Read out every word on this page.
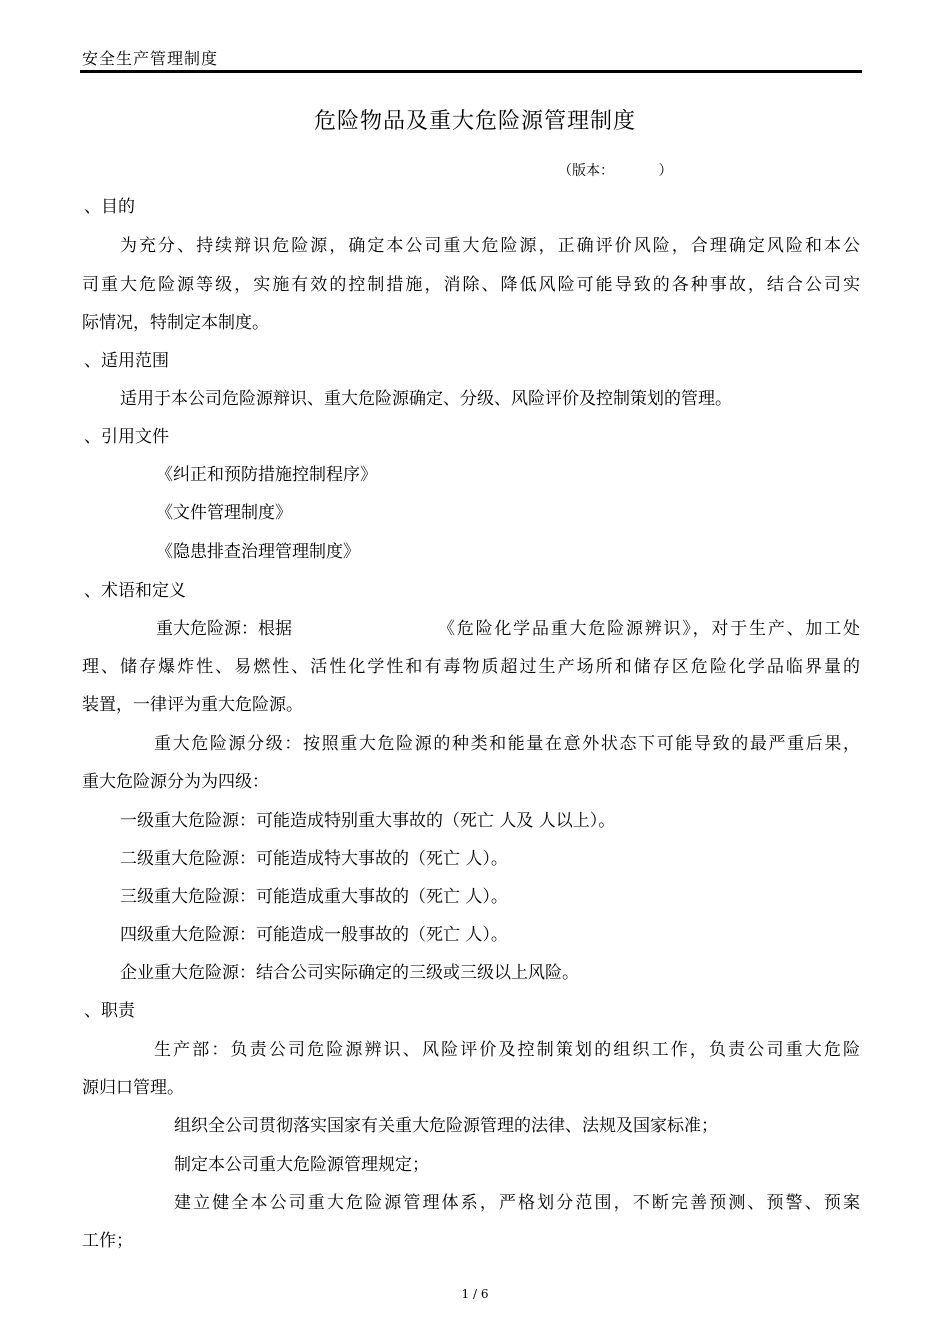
安全生产管理制度
危险物品及重大危险源管理制度
（版本：          ）
、目的
为充分、持续辩识危险源，确定本公司重大危险源，正确评价风险，合理确定风险和本公
司重大危险源等级，实施有效的控制措施，消除、降低风险可能导致的各种事故，结合公司实
际情况，特制定本制度。
、适用范围
适用于本公司危险源辩识、重大危险源确定、分级、风险评价及控制策划的管理。
、引用文件
《纠正和预防措施控制程序》
《文件管理制度》
《隐患排查治理管理制度》
、术语和定义
重大危险源：根据	《危险化学品重大危险源辨识》，对于生产、加工处
理、储存爆炸性、易燃性、活性化学性和有毒物质超过生产场所和储存区危险化学品临界量的
装置，一律评为重大危险源。
重大危险源分级：按照重大危险源的种类和能量在意外状态下可能导致的最严重后果，
重大危险源分为为四级：
一级重大危险源：可能造成特别重大事故的（死亡 人及 人以上）。
二级重大危险源：可能造成特大事故的（死亡 人）。
三级重大危险源：可能造成重大事故的（死亡 人）。
四级重大危险源：可能造成一般事故的（死亡 人）。
企业重大危险源：结合公司实际确定的三级或三级以上风险。
、职责
生产部：负责公司危险源辨识、风险评价及控制策划的组织工作，负责公司重大危险
源归口管理。
组织全公司贯彻落实国家有关重大危险源管理的法律、法规及国家标准；
制定本公司重大危险源管理规定；
建立健全本公司重大危险源管理体系，严格划分范围，不断完善预测、预警、预案
工作；
1 / 6
